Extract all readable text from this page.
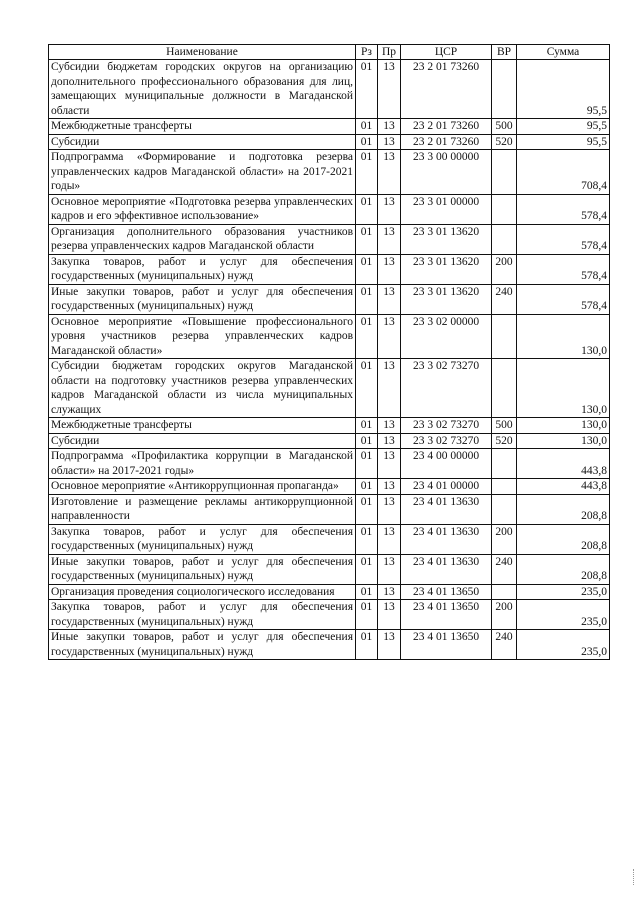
Наименование	Рз	Пр	ЦСР	ВР	Сумма
Субсидии бюджетам городских округов на организацию дополнительного профессионального образования для лиц, замещающих муниципальные должности в Магаданской области	01	13	23 2 01 73260		95,5
Межбюджетные трансферты	01	13	23 2 01 73260	500	95,5
Субсидии	01	13	23 2 01 73260	520	95,5
Подпрограмма «Формирование и подготовка резерва управленческих кадров Магаданской области» на 2017-2021 годы»	01	13	23 3 00 00000		708,4
Основное мероприятие «Подготовка резерва управленческих кадров и его эффективное использование»	01	13	23 3 01 00000		578,4
Организация дополнительного образования участников резерва управленческих кадров Магаданской области	01	13	23 3 01 13620		578,4
Закупка товаров, работ и услуг для обеспечения государственных (муниципальных) нужд	01	13	23 3 01 13620	200	578,4
Иные закупки товаров, работ и услуг для обеспечения государственных (муниципальных) нужд	01	13	23 3 01 13620	240	578,4
Основное мероприятие «Повышение профессионального уровня участников резерва управленческих кадров Магаданской области»	01	13	23 3 02 00000		130,0
Субсидии бюджетам городских округов Магаданской области на подготовку участников резерва управленческих кадров Магаданской области из числа муниципальных служащих	01	13	23 3 02 73270		130,0
Межбюджетные трансферты	01	13	23 3 02 73270	500	130,0
Субсидии	01	13	23 3 02 73270	520	130,0
Подпрограмма «Профилактика коррупции в Магаданской области» на 2017-2021 годы»	01	13	23 4 00 00000		443,8
Основное мероприятие «Антикоррупционная пропаганда»	01	13	23 4 01 00000		443,8
Изготовление и размещение рекламы антикоррупционной направленности	01	13	23 4 01 13630		208,8
Закупка товаров, работ и услуг для обеспечения государственных (муниципальных) нужд	01	13	23 4 01 13630	200	208,8
Иные закупки товаров, работ и услуг для обеспечения государственных (муниципальных) нужд	01	13	23 4 01 13630	240	208,8
Организация проведения социологического исследования	01	13	23 4 01 13650		235,0
Закупка товаров, работ и услуг для обеспечения государственных (муниципальных) нужд	01	13	23 4 01 13650	200	235,0
Иные закупки товаров, работ и услуг для обеспечения государственных (муниципальных) нужд	01	13	23 4 01 13650	240	235,0
